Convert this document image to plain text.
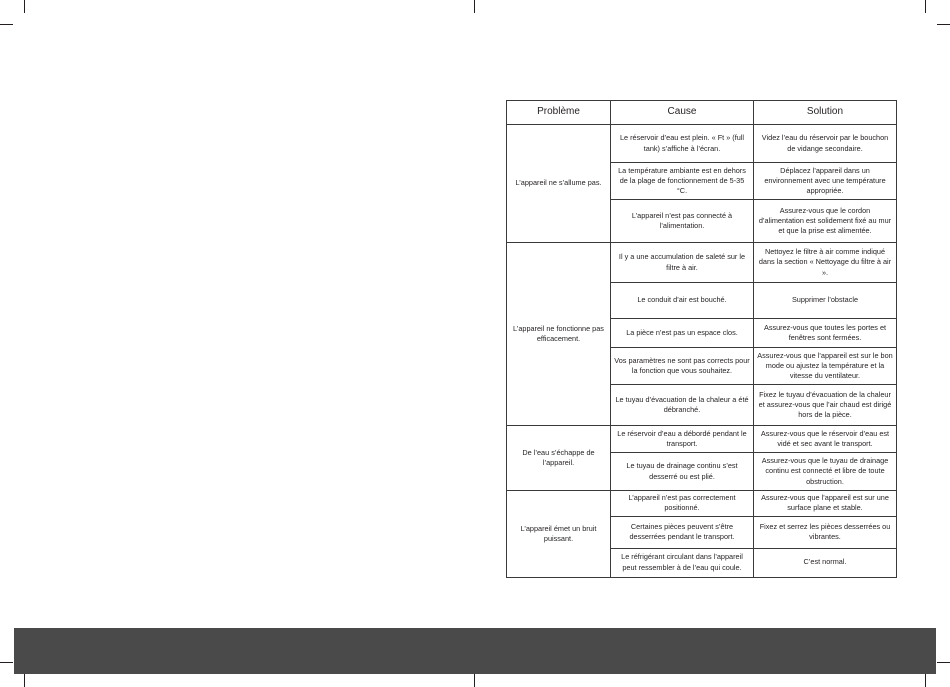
Problème	Cause	Solution
L’appareil ne s’allume pas.	Le réservoir d’eau est plein. « Ft » (full tank) s’affiche à l’écran.	Videz l’eau du réservoir par le bouchon de vidange secondaire.
	La température ambiante est en dehors de la plage de fonctionnement de 5-35 °C.	Déplacez l’appareil dans un environnement avec une température appropriée.
	L’appareil n’est pas connecté à l’alimentation.	Assurez-vous que le cordon d’alimentation est solidement fixé au mur et que la prise est alimentée.
L’appareil ne fonctionne pas efficacement.	Il y a une accumulation de saleté sur le filtre à air.	Nettoyez le filtre à air comme indiqué dans la section « Nettoyage du filtre à air ».
	Le conduit d’air est bouché.	Supprimer l’obstacle
	La pièce n’est pas un espace clos.	Assurez-vous que toutes les portes et fenêtres sont fermées.
	Vos paramètres ne sont pas corrects pour la fonction que vous souhaitez.	Assurez-vous que l’appareil est sur le bon mode ou ajustez la température et la vitesse du ventilateur.
	Le tuyau d’évacuation de la chaleur a été débranché.	Fixez le tuyau d’évacuation de la chaleur et assurez-vous que l’air chaud est dirigé hors de la pièce.
De l’eau s’échappe de l’appareil.	Le réservoir d’eau a débordé pendant le transport.	Assurez-vous que le réservoir d’eau est vidé et sec avant le transport.
	Le tuyau de drainage continu s’est desserré ou est plié.	Assurez-vous que le tuyau de drainage continu est connecté et libre de toute obstruction.
L’appareil émet un bruit puissant.	L’appareil n’est pas correctement positionné.	Assurez-vous que l’appareil est sur une surface plane et stable.
	Certaines pièces peuvent s’être desserrées pendant le transport.	Fixez et serrez les pièces desserrées ou vibrantes.
	Le réfrigérant circulant dans l’appareil peut ressembler à de l’eau qui coule.	C’est normal.
